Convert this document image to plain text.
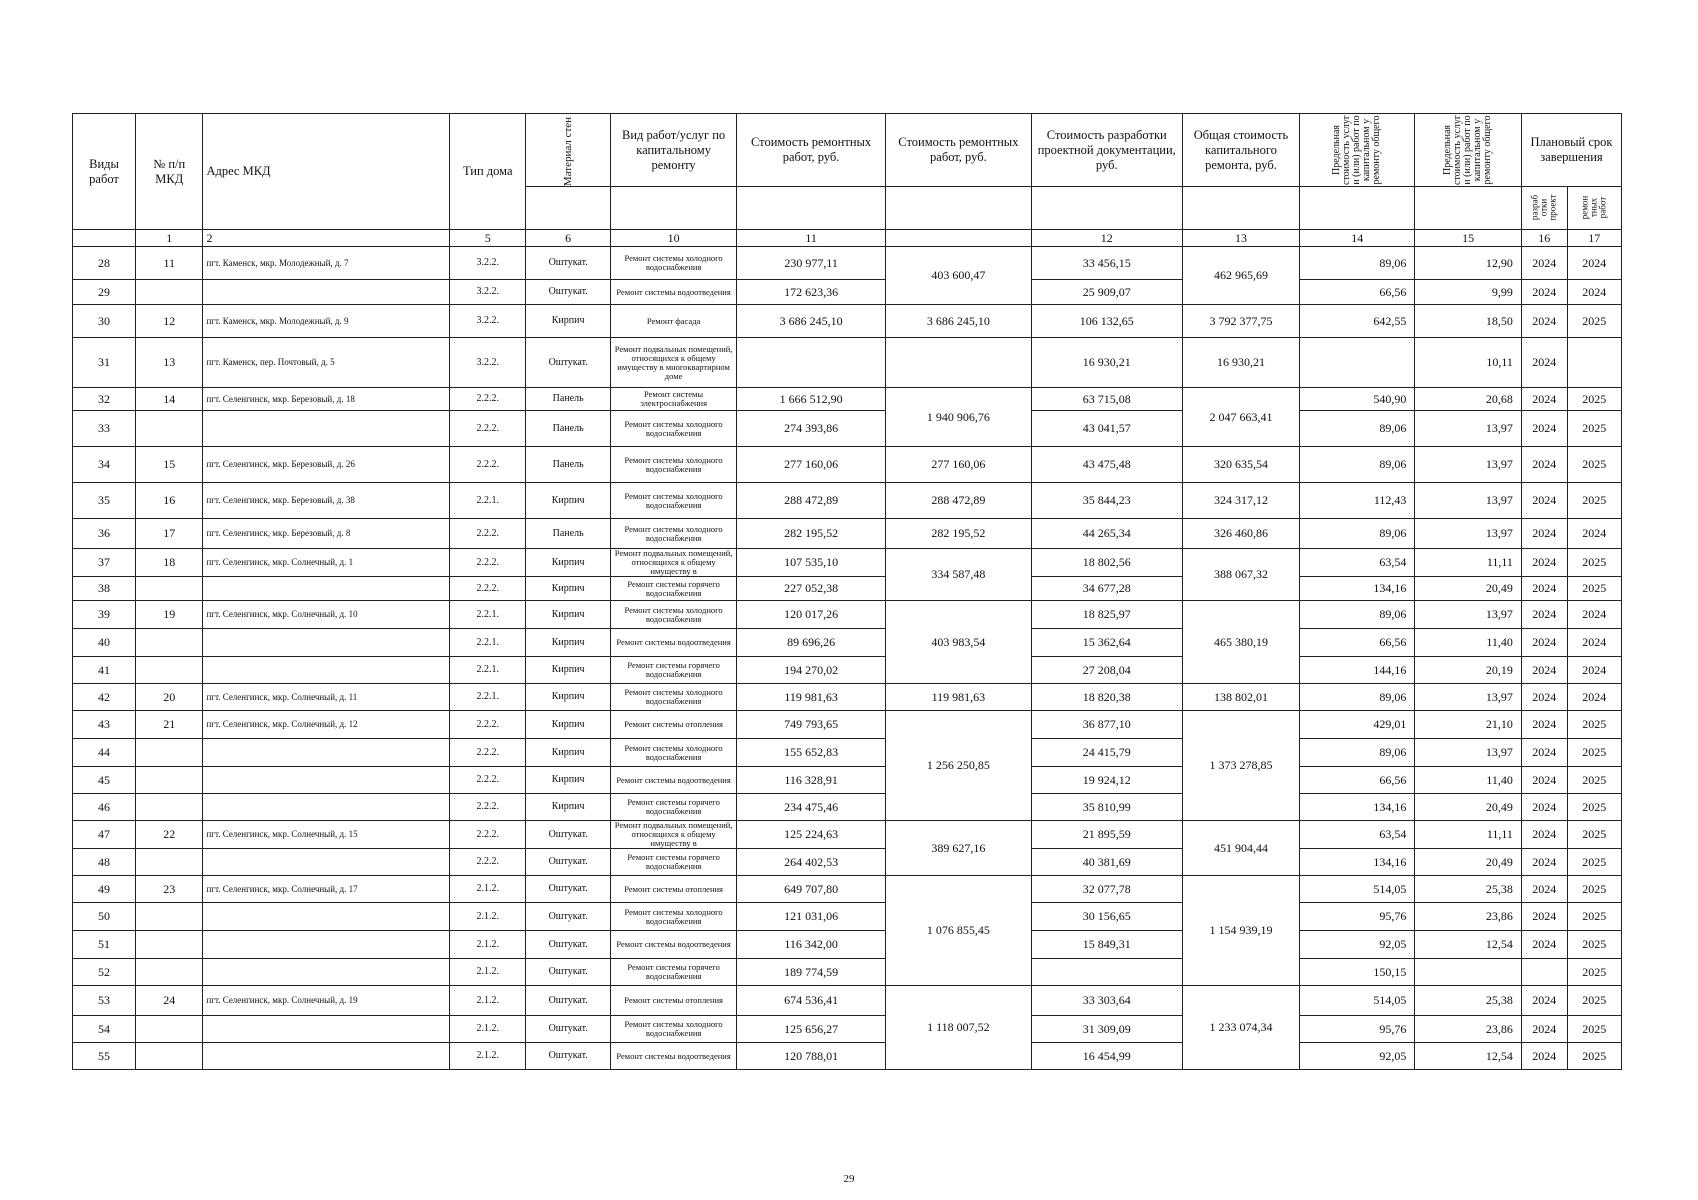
Виды работ	№ п/п МКД	Адрес МКД	Тип дома	Материал стен	Вид работ/услуг по капитальному ремонту	Стоимость ремонтных работ, руб.	Стоимость ремонтных работ, руб.	Стоимость разработки проектной документации, руб.	Общая стоимость капитального ремонта, руб.	Предельная стоимость услуг и (или) работ по капитальном у ремонту общего	Предельная стоимость услуг и (или) работ по капитальном у ремонту общего	Плановый срок завершения	
												разраб отки проект	ремон тных работ
	1	2	5	6	10	11		12	13	14	15	16	17
28	11	пгт. Каменск, мкр. Молодежный, д. 7	3.2.2.	Оштукат.	Ремонт системы холодного водоснабжения	230 977,11	403 600,47	33 456,15	462 965,69	89,06	12,90	2024	2024
29			3.2.2.	Оштукат.	Ремонт системы водоотведения	172 623,36		25 909,07		66,56	9,99	2024	2024
30	12	пгт. Каменск, мкр. Молодежный, д. 9	3.2.2.	Кирпич	Ремонт фасада	3 686 245,10	3 686 245,10	106 132,65	3 792 377,75	642,55	18,50	2024	2025
31	13	пгт. Каменск, пер. Почтовый, д. 5	3.2.2.	Оштукат.	Ремонт подвальных помещений, относящихся к общему имуществу в многоквартирном доме			16 930,21	16 930,21		10,11	2024	
32	14	пгт. Селенгинск, мкр. Березовый, д. 18	2.2.2.	Панель	Ремонт системы электроснабжения	1 666 512,90	1 940 906,76	63 715,08	2 047 663,41	540,90	20,68	2024	2025
33			2.2.2.	Панель	Ремонт системы холодного водоснабжения	274 393,86		43 041,57		89,06	13,97	2024	2025
34	15	пгт. Селенгинск, мкр. Березовый, д. 26	2.2.2.	Панель	Ремонт системы холодного водоснабжения	277 160,06	277 160,06	43 475,48	320 635,54	89,06	13,97	2024	2025
35	16	пгт. Селенгинск, мкр. Березовый, д. 38	2.2.1.	Кирпич	Ремонт системы холодного водоснабжения	288 472,89	288 472,89	35 844,23	324 317,12	112,43	13,97	2024	2025
36	17	пгт. Селенгинск, мкр. Березовый, д. 8	2.2.2.	Панель	Ремонт системы холодного водоснабжения	282 195,52	282 195,52	44 265,34	326 460,86	89,06	13,97	2024	2024
37	18	пгт. Селенгинск, мкр. Солнечный, д. 1	2.2.2.	Кирпич	Ремонт подвальных помещений, относящихся к общему имуществу в	107 535,10	334 587,48	18 802,56	388 067,32	63,54	11,11	2024	2025
38			2.2.2.	Кирпич	Ремонт системы горячего водоснабжения	227 052,38		34 677,28		134,16	20,49	2024	2025
39	19	пгт. Селенгинск, мкр. Солнечный, д. 10	2.2.1.	Кирпич	Ремонт системы холодного водоснабжения	120 017,26	403 983,54	18 825,97	465 380,19	89,06	13,97	2024	2024
40			2.2.1.	Кирпич	Ремонт системы водоотведения	89 696,26		15 362,64		66,56	11,40	2024	2024
41			2.2.1.	Кирпич	Ремонт системы горячего водоснабжения	194 270,02		27 208,04		144,16	20,19	2024	2024
42	20	пгт. Селенгинск, мкр. Солнечный, д. 11	2.2.1.	Кирпич	Ремонт системы холодного водоснабжения	119 981,63	119 981,63	18 820,38	138 802,01	89,06	13,97	2024	2024
43	21	пгт. Селенгинск, мкр. Солнечный, д. 12	2.2.2.	Кирпич	Ремонт системы отопления	749 793,65	1 256 250,85	36 877,10	1 373 278,85	429,01	21,10	2024	2025
44			2.2.2.	Кирпич	Ремонт системы холодного водоснабжения	155 652,83		24 415,79		89,06	13,97	2024	2025
45			2.2.2.	Кирпич	Ремонт системы водоотведения	116 328,91		19 924,12		66,56	11,40	2024	2025
46			2.2.2.	Кирпич	Ремонт системы горячего водоснабжения	234 475,46		35 810,99		134,16	20,49	2024	2025
47	22	пгт. Селенгинск, мкр. Солнечный, д. 15	2.2.2.	Оштукат.	Ремонт подвальных помещений, относящихся к общему имуществу в	125 224,63	389 627,16	21 895,59	451 904,44	63,54	11,11	2024	2025
48			2.2.2.	Оштукат.	Ремонт системы горячего водоснабжения	264 402,53		40 381,69		134,16	20,49	2024	2025
49	23	пгт. Селенгинск, мкр. Солнечный, д. 17	2.1.2.	Оштукат.	Ремонт системы отопления	649 707,80	1 076 855,45	32 077,78	1 154 939,19	514,05	25,38	2024	2025
50			2.1.2.	Оштукат.	Ремонт системы холодного водоснабжения	121 031,06		30 156,65		95,76	23,86	2024	2025
51			2.1.2.	Оштукат.	Ремонт системы водоотведения	116 342,00		15 849,31		92,05	12,54	2024	2025
52			2.1.2.	Оштукат.	Ремонт системы горячего водоснабжения	189 774,59				150,15			2025
53	24	пгт. Селенгинск, мкр. Солнечный, д. 19	2.1.2.	Оштукат.	Ремонт системы отопления	674 536,41	1 118 007,52	33 303,64	1 233 074,34	514,05	25,38	2024	2025
54			2.1.2.	Оштукат.	Ремонт системы холодного водоснабжения	125 656,27		31 309,09		95,76	23,86	2024	2025
55			2.1.2.	Оштукат.	Ремонт системы водоотведения	120 788,01		16 454,99		92,05	12,54	2024	2025
29
